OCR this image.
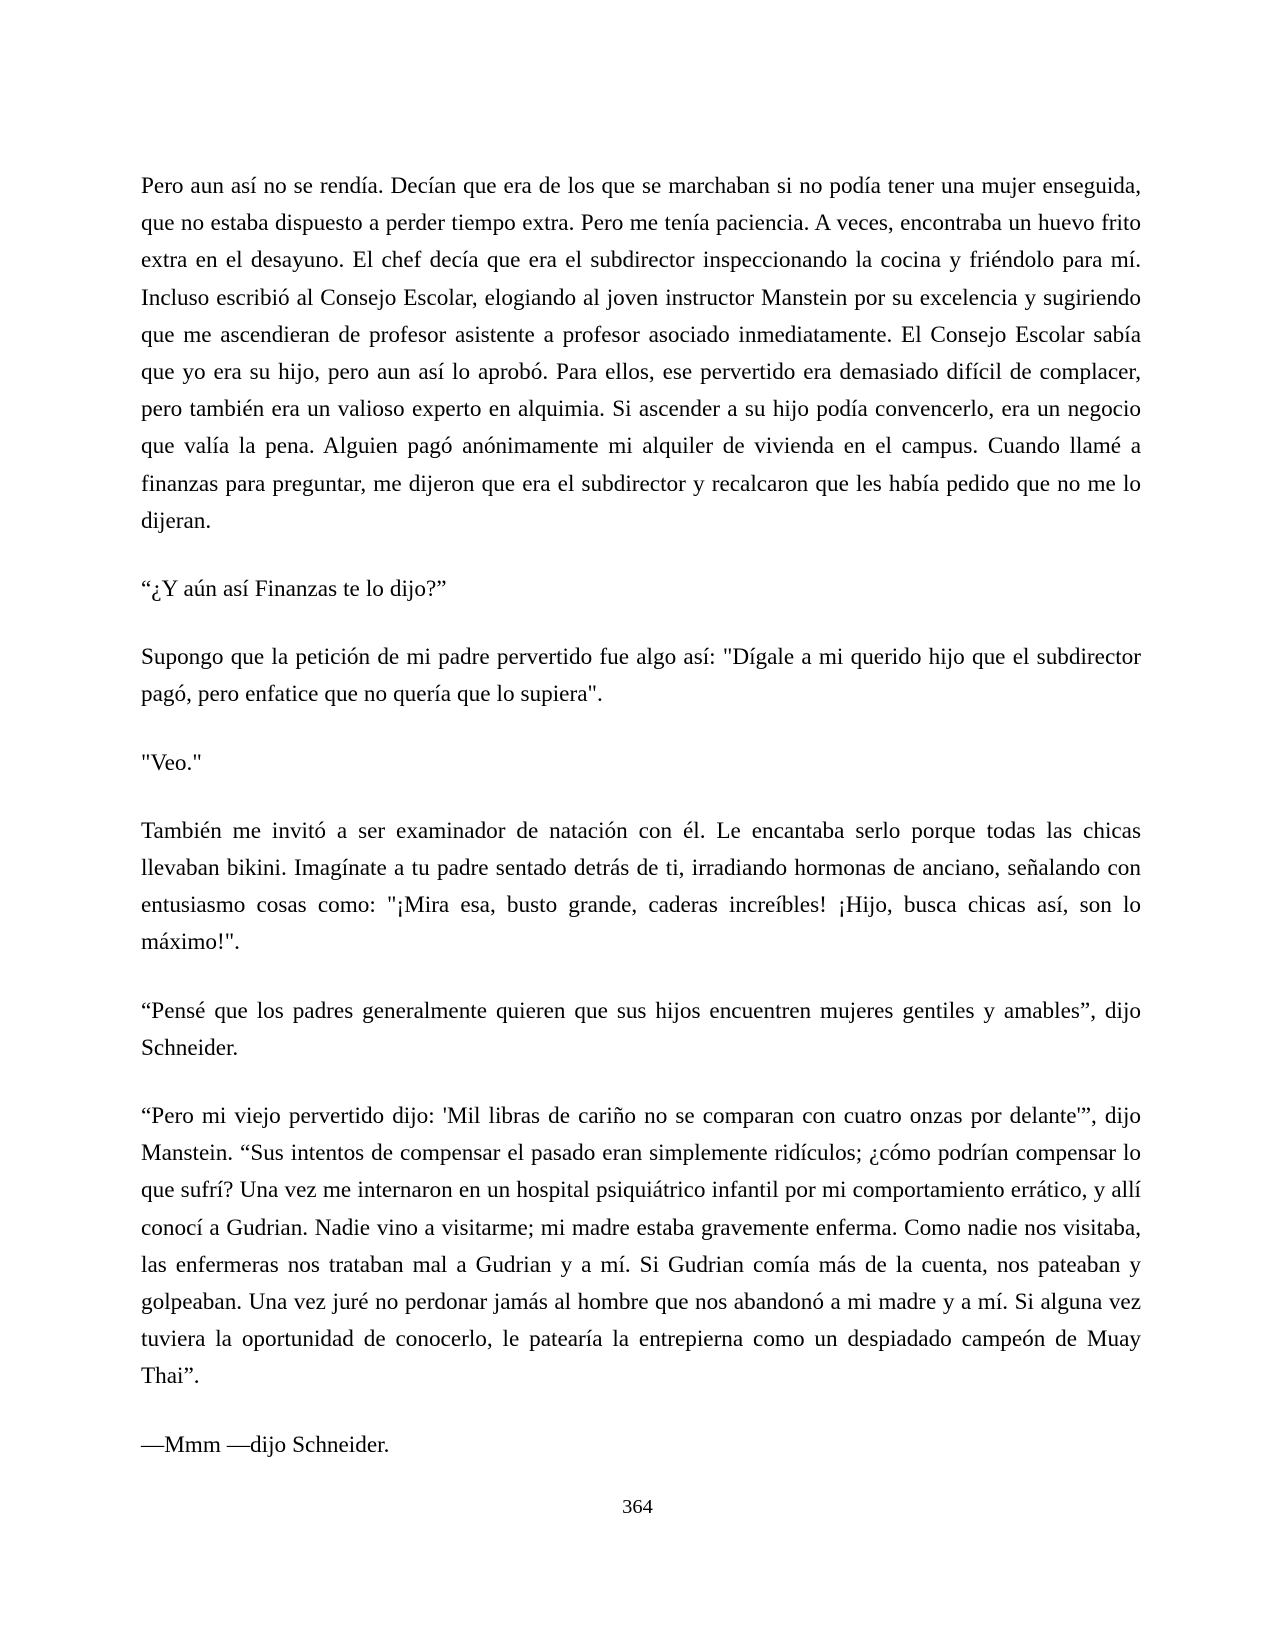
Pero aun así no se rendía. Decían que era de los que se marchaban si no podía tener una mujer enseguida, que no estaba dispuesto a perder tiempo extra. Pero me tenía paciencia. A veces, encontraba un huevo frito extra en el desayuno. El chef decía que era el subdirector inspeccionando la cocina y friéndolo para mí. Incluso escribió al Consejo Escolar, elogiando al joven instructor Manstein por su excelencia y sugiriendo que me ascendieran de profesor asistente a profesor asociado inmediatamente. El Consejo Escolar sabía que yo era su hijo, pero aun así lo aprobó. Para ellos, ese pervertido era demasiado difícil de complacer, pero también era un valioso experto en alquimia. Si ascender a su hijo podía convencerlo, era un negocio que valía la pena. Alguien pagó anónimamente mi alquiler de vivienda en el campus. Cuando llamé a finanzas para preguntar, me dijeron que era el subdirector y recalcaron que les había pedido que no me lo dijeran.

“¿Y aún así Finanzas te lo dijo?”

Supongo que la petición de mi padre pervertido fue algo así: "Dígale a mi querido hijo que el subdirector pagó, pero enfatice que no quería que lo supiera".

"Veo."

También me invitó a ser examinador de natación con él. Le encantaba serlo porque todas las chicas llevaban bikini. Imagínate a tu padre sentado detrás de ti, irradiando hormonas de anciano, señalando con entusiasmo cosas como: "¡Mira esa, busto grande, caderas increíbles! ¡Hijo, busca chicas así, son lo máximo!".

“Pensé que los padres generalmente quieren que sus hijos encuentren mujeres gentiles y amables”, dijo Schneider.

“Pero mi viejo pervertido dijo: 'Mil libras de cariño no se comparan con cuatro onzas por delante'”, dijo Manstein. “Sus intentos de compensar el pasado eran simplemente ridículos; ¿cómo podrían compensar lo que sufrí? Una vez me internaron en un hospital psiquiátrico infantil por mi comportamiento errático, y allí conocí a Gudrian. Nadie vino a visitarme; mi madre estaba gravemente enferma. Como nadie nos visitaba, las enfermeras nos trataban mal a Gudrian y a mí. Si Gudrian comía más de la cuenta, nos pateaban y golpeaban. Una vez juré no perdonar jamás al hombre que nos abandonó a mi madre y a mí. Si alguna vez tuviera la oportunidad de conocerlo, le patearía la entrepierna como un despiadado campeón de Muay Thai”.

—Mmm —dijo Schneider.

364
